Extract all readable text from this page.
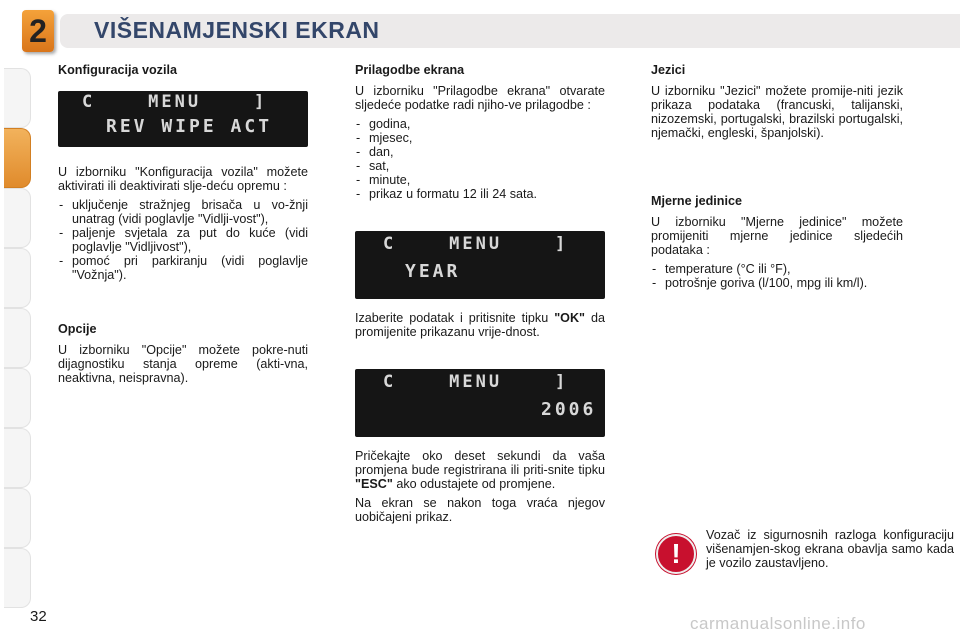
2	VIŠENAMJENSKI EKRAN
Konfiguracija vozila
C    MENU    ]
REV WIPE ACT

U izborniku "Konfiguracija vozila" možete aktivirati ili deaktivirati slje-deću opremu :

- uključenje stražnjeg brisača u vo-žnji unatrag (vidi poglavlje "Vidlji-vost"),
- paljenje svjetala za put do kuće (vidi poglavlje "Vidljivost"),
- pomoć pri parkiranju (vidi poglavlje "Vožnja").
Opcije

U izborniku "Opcije" možete pokre-nuti dijagnostiku stanja opreme (akti-vna, neaktivna, neispravna).

Prilagodbe ekrana

U izborniku "Prilagodbe ekrana" otvarate sljedeće podatke radi njiho-ve prilagodbe :

- godina,
- mjesec,
- dan,
- sat,
- minute,
- prikaz u formatu 12 ili 24 sata.
C    MENU    ]
YEAR

Izaberite podatak i pritisnite tipku "OK" da promijenite prikazanu vrije-dnost.

C    MENU    ]
2006

Pričekajte oko deset sekundi da vaša promjena bude registrirana ili priti-snite tipku "ESC" ako odustajete od promjene.

Na ekran se nakon toga vraća njegov uobičajeni prikaz.

Jezici

U izborniku "Jezici" možete promije-niti jezik prikaza podataka (francuski, talijanski, nizozemski, portugalski, brazilski portugalski, njemački, engleski, španjolski).

Mjerne jedinice

U izborniku "Mjerne jedinice" možete promijeniti mjerne jedinice sljedećih podataka :

- temperature (°C ili °F),
- potrošnje goriva (l/100, mpg ili km/l).
!
Vozač iz sigurnosnih razloga konfiguraciju višenamjen-skog ekrana obavlja samo kada je vozilo zaustavljeno.
32	carmanualsonline.info
